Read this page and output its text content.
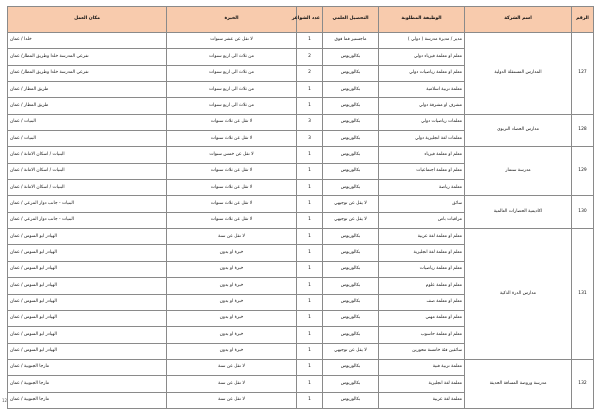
الرقم	اسم الشركة	الوظيفة المطلوبة	التحصيل العلمي	عدد الشواغر	الخبرة	مكان العمل
127	المدارس المستقلة الدولية	مدير / مديرة مدرسة ( دولي )	ماجستير فما فوق	1	لا تقل عن عشر سنوات	خلدا / عمان
		معلم او معلمة فيزياء دولي	بكالوريوس	2	من ثلاث الى اربع سنوات	تفرعي المدرسة خلدا وطريق المطار/ عمان
		معلم او معلمة رياضيات دولي	بكالوريوس	2	من ثلاث الى اربع سنوات	تفرعي المدرسة خلدا وطريق المطار/ عمان
		معلمة تربية اسلامية	بكالوريوس	1	من ثلاث الى اربع سنوات	طريق المطار / عمان
		مشرف او مشرفة دولي	بكالوريوس	1	من ثلاث الى اربع سنوات	طريق المطار / عمان
128	مدارس الحصاد التربوي	معلمات رياضيات دولي	بكالوريوس	3	لا تقل عن ثلاث سنوات	البنيات / عمان
		معلمات لغة انجليزية دولي	بكالوريوس	3	لا تقل عن ثلاث سنوات	البنيات / عمان
129	مدرسة ستمار	معلم او معلمة فيزياء	بكالوريوس	1	لا تقل عن خمس سنوات	البنيات / اسكان الامانة / عمان
		معلم او معلمة اجتماعيات	بكالوريوس	1	لا تقل عن ثلاث سنوات	البنيات / اسكان الامانة / عمان
		معلمة رياضة	بكالوريوس	1	لا تقل عن ثلاث سنوات	البنيات / اسكان الامانة / عمان
130	اكاديمية الحضارات العالمية	سائق	لا يقل عن توجيهي	1	لا تقل عن ثلاث سنوات	البنيات - جانب دوار المرعي / عمان
		مراقبات باص	لا يقل عن توجيهي	1	لا تقل عن ثلاث سنوات	البنيات - جانب دوار المرعي / عمان
131	مدارس الدرة الذكية	معلم او معلمة لغة عربية	بكالوريوس	1	لا تقل عن سنة	الهيادر ابو السوس / عمان
		معلم او معلمة لغة انجليزية	بكالوريوس	1	خبرة او بدون	الهيادر ابو السوس / عمان
		معلم او معلمة رياضيات	بكالوريوس	1	خبرة او بدون	الهيادر ابو السوس / عمان
		معلم او معلمة علوم	بكالوريوس	1	خبرة او بدون	الهيادر ابو السوس / عمان
		معلم او معلمة صف	بكالوريوس	1	خبرة او بدون	الهيادر ابو السوس / عمان
		معلم او معلمة مهني	بكالوريوس	1	خبرة او بدون	الهيادر ابو السوس / عمان
		معلم او معلمة حاسوب	بكالوريوس	1	خبرة او بدون	الهيادر ابو السوس / عمان
		سائقين فئة خامسة محورين	لا يقل عن توجيهي	1	خبرة او بدون	الهيادر ابو السوس / عمان
132	مدرسة وروضة المسافة الحديثة	معلمة تربية فنية	بكالوريوس	1	لا تقل عن سنة	مارجا الجنوبية / عمان
		معلمة لغة انجليزية	بكالوريوس	1	لا تقل عن سنة	مارجا الجنوبية / عمان
		معلمة لغة عربية	بكالوريوس	1	لا تقل عن سنة	مارجا الجنوبية / عمان
12
